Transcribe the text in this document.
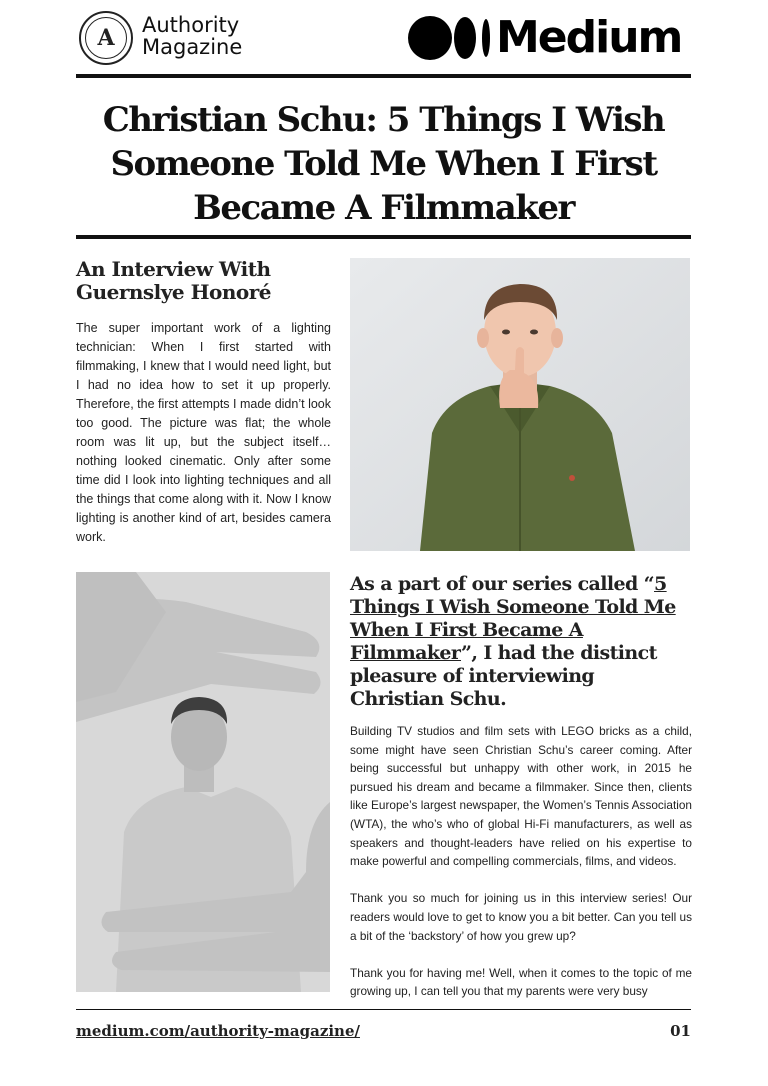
A	Authority
Magazine	Medium
Christian Schu: 5 Things I Wish Someone Told Me When I First Became A Filmmaker
An Interview With Guernslye Honoré
The super important work of a lighting technician: When I first started with filmmaking, I knew that I would need light, but I had no idea how to set it up properly. Therefore, the first attempts I made didn’t look too good. The picture was flat; the whole room was lit up, but the subject itself… nothing looked cinematic. Only after some time did I look into lighting techniques and all the things that come along with it. Now I know lighting is another kind of art, besides camera work.
As a part of our series called “5 Things I Wish Someone Told Me When I First Became A Filmmaker”, I had the distinct pleasure of interviewing Christian Schu.

Building TV studios and film sets with LEGO bricks as a child, some might have seen Christian Schu’s career coming. After being successful but unhappy with other work, in 2015 he pursued his dream and became a filmmaker. Since then, clients like Europe’s largest newspaper, the Women’s Tennis Association (WTA), the who’s who of global Hi-Fi manufacturers, as well as speakers and thought-leaders have relied on his expertise to make powerful and compelling commercials, films, and videos.

Thank you so much for joining us in this interview series! Our readers would love to get to know you a bit better. Can you tell us a bit of the ‘backstory’ of how you grew up?

Thank you for having me! Well, when it comes to the topic of me growing up, I can tell you that my parents were very busy

medium.com/authority-magazine/	01
